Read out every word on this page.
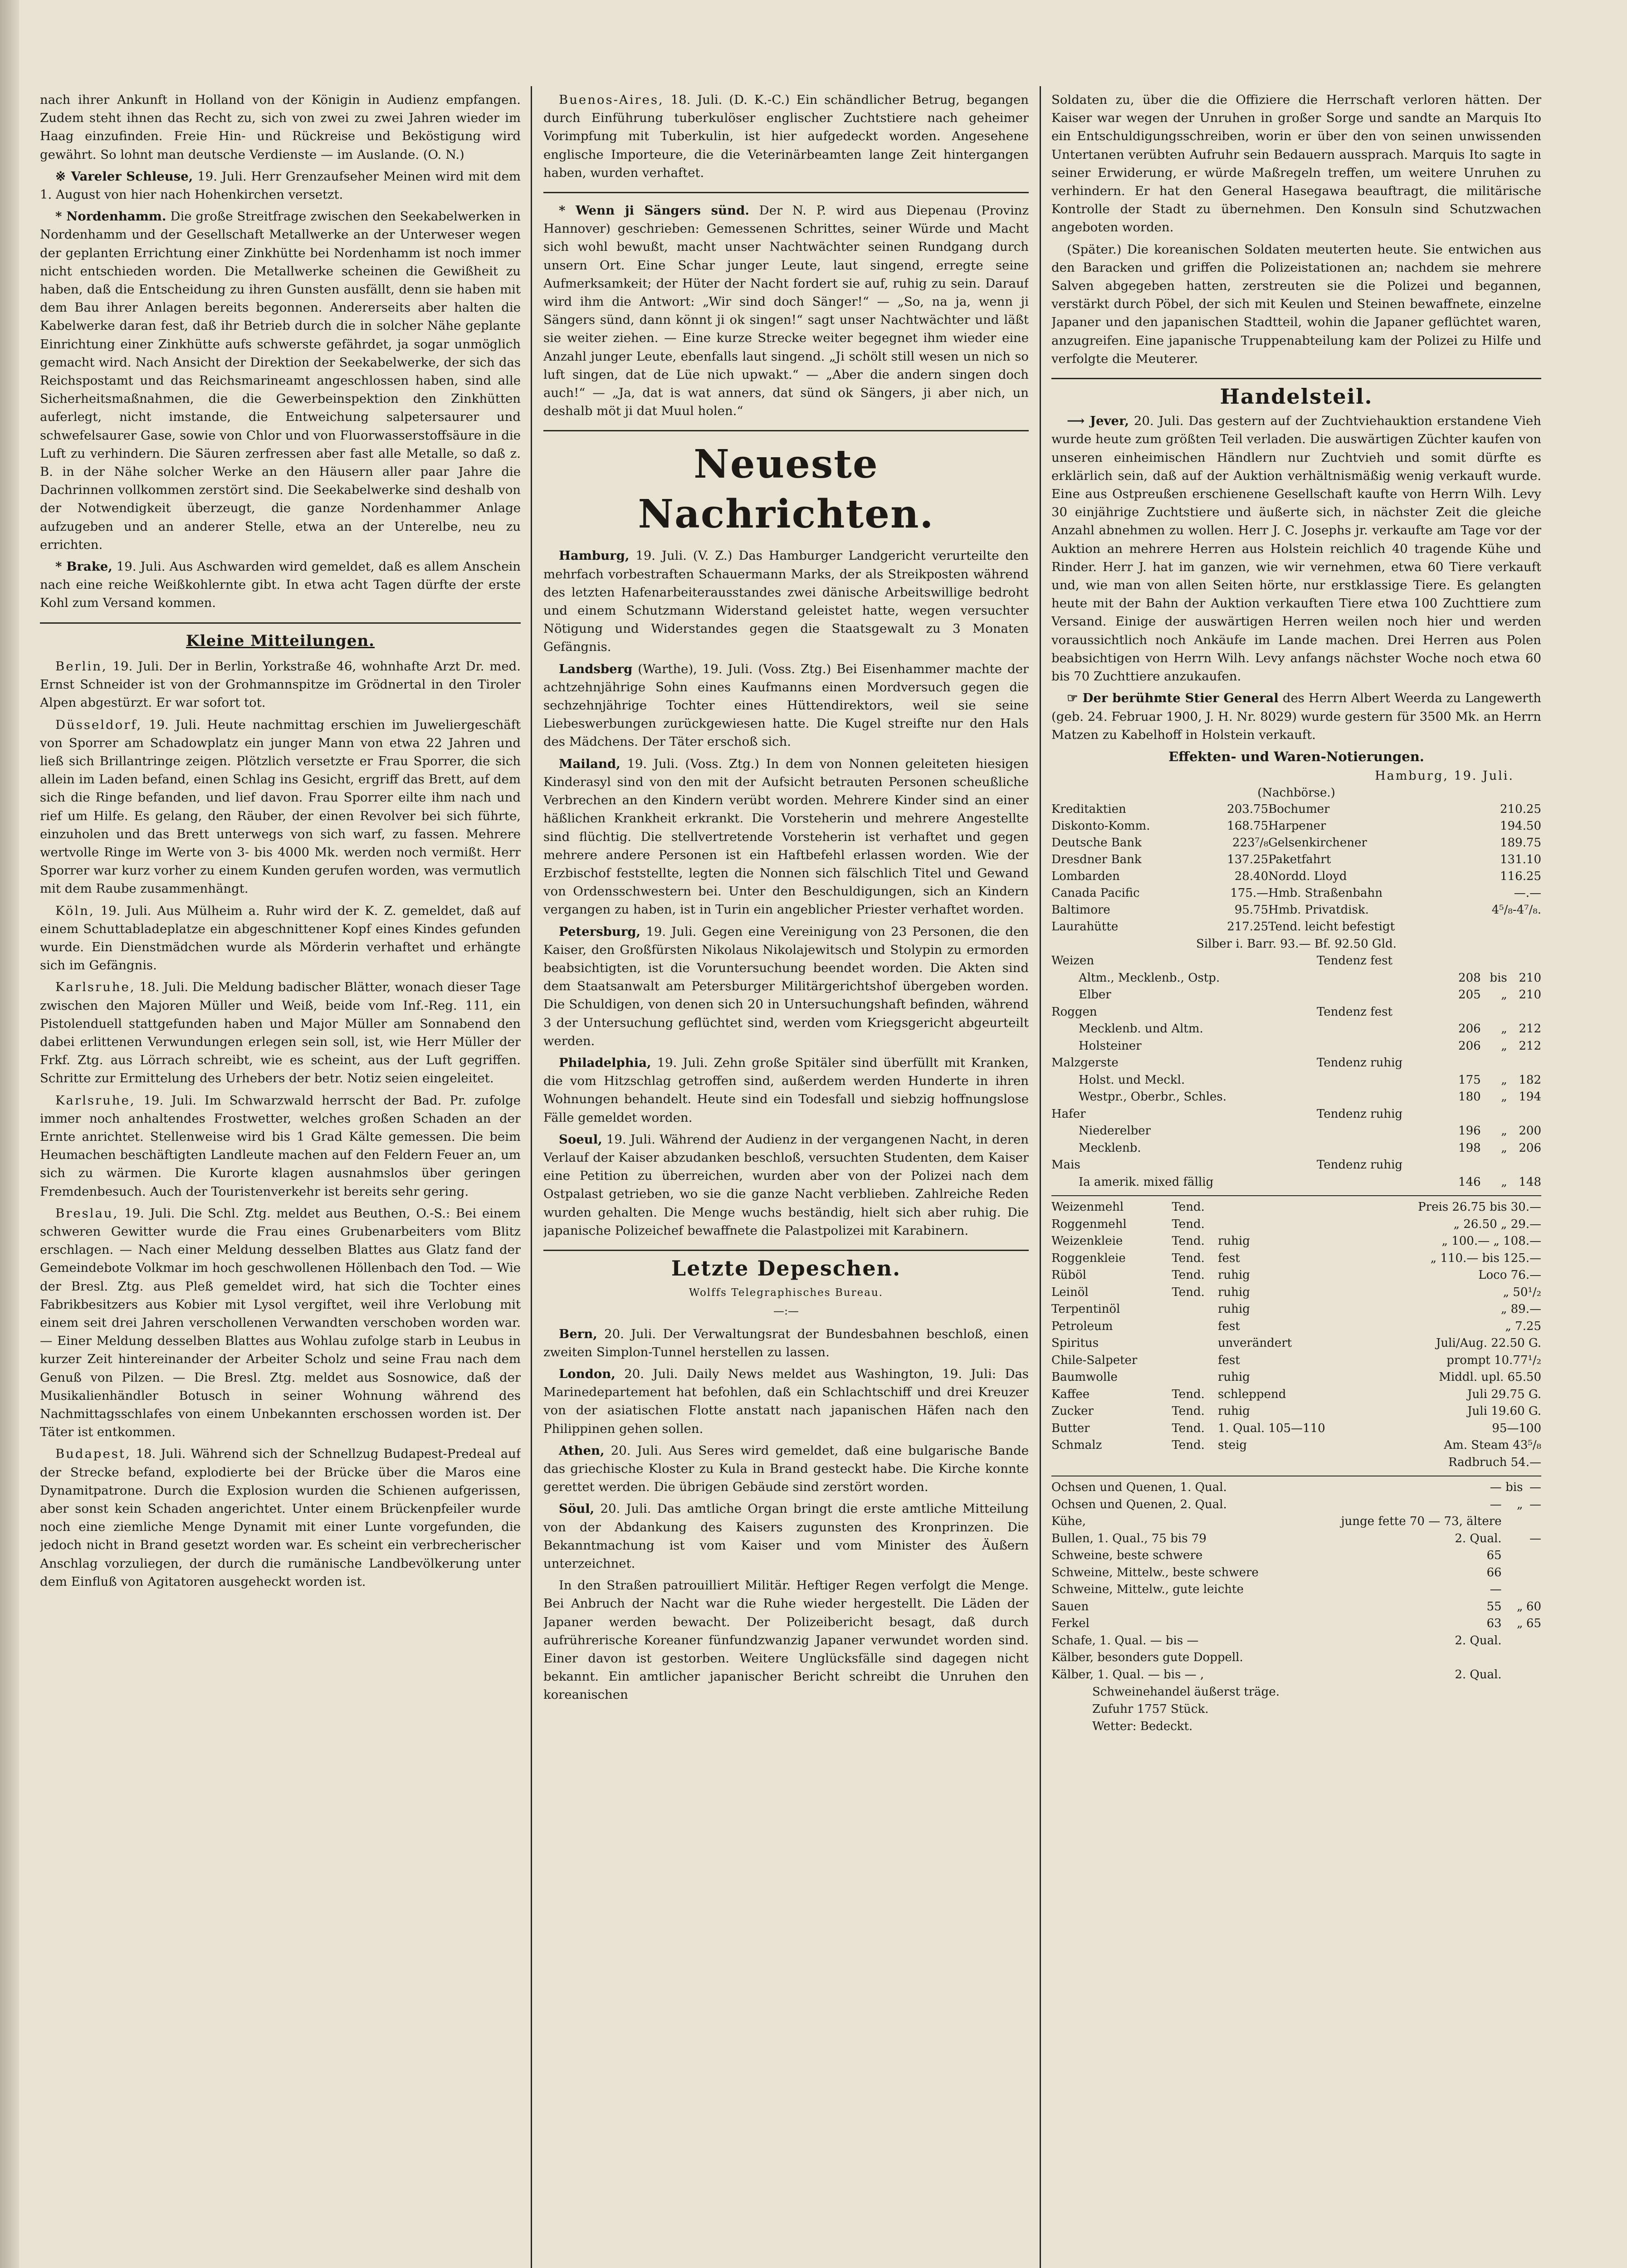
nach ihrer Ankunft in Holland von der Königin in Audienz empfangen. Zudem steht ihnen das Recht zu, sich von zwei zu zwei Jahren wieder im Haag einzufinden. Freie Hin- und Rückreise und Beköstigung wird gewährt. So lohnt man deutsche Verdienste — im Auslande. (O. N.)

※ Vareler Schleuse, 19. Juli. Herr Grenzaufseher Meinen wird mit dem 1. August von hier nach Hohenkirchen versetzt.

* Nordenhamm. Die große Streitfrage zwischen den Seekabelwerken in Nordenhamm und der Gesellschaft Metallwerke an der Unterweser wegen der geplanten Errichtung einer Zinkhütte bei Nordenhamm ist noch immer nicht entschieden worden. Die Metallwerke scheinen die Gewißheit zu haben, daß die Entscheidung zu ihren Gunsten ausfällt, denn sie haben mit dem Bau ihrer Anlagen bereits begonnen. Andererseits aber halten die Kabelwerke daran fest, daß ihr Betrieb durch die in solcher Nähe geplante Einrichtung einer Zinkhütte aufs schwerste gefährdet, ja sogar unmöglich gemacht wird. Nach Ansicht der Direktion der Seekabelwerke, der sich das Reichspostamt und das Reichsmarineamt angeschlossen haben, sind alle Sicherheitsmaßnahmen, die die Gewerbeinspektion den Zinkhütten auferlegt, nicht imstande, die Entweichung salpetersaurer und schwefelsaurer Gase, sowie von Chlor und von Fluorwasserstoffsäure in die Luft zu verhindern. Die Säuren zerfressen aber fast alle Metalle, so daß z. B. in der Nähe solcher Werke an den Häusern aller paar Jahre die Dachrinnen vollkommen zerstört sind. Die Seekabelwerke sind deshalb von der Notwendigkeit überzeugt, die ganze Nordenhammer Anlage aufzugeben und an anderer Stelle, etwa an der Unterelbe, neu zu errichten.

* Brake, 19. Juli. Aus Aschwarden wird gemeldet, daß es allem Anschein nach eine reiche Weißkohlernte gibt. In etwa acht Tagen dürfte der erste Kohl zum Versand kommen.

Kleine Mitteilungen.

Berlin, 19. Juli. Der in Berlin, Yorkstraße 46, wohnhafte Arzt Dr. med. Ernst Schneider ist von der Grohmannspitze im Grödnertal in den Tiroler Alpen abgestürzt. Er war sofort tot.

Düsseldorf, 19. Juli. Heute nachmittag erschien im Juweliergeschäft von Sporrer am Schadowplatz ein junger Mann von etwa 22 Jahren und ließ sich Brillantringe zeigen. Plötzlich versetzte er Frau Sporrer, die sich allein im Laden befand, einen Schlag ins Gesicht, ergriff das Brett, auf dem sich die Ringe befanden, und lief davon. Frau Sporrer eilte ihm nach und rief um Hilfe. Es gelang, den Räuber, der einen Revolver bei sich führte, einzuholen und das Brett unterwegs von sich warf, zu fassen. Mehrere wertvolle Ringe im Werte von 3- bis 4000 Mk. werden noch vermißt. Herr Sporrer war kurz vorher zu einem Kunden gerufen worden, was vermutlich mit dem Raube zusammenhängt.

Köln, 19. Juli. Aus Mülheim a. Ruhr wird der K. Z. gemeldet, daß auf einem Schuttabladeplatze ein abgeschnittener Kopf eines Kindes gefunden wurde. Ein Dienstmädchen wurde als Mörderin verhaftet und erhängte sich im Gefängnis.

Karlsruhe, 18. Juli. Die Meldung badischer Blätter, wonach dieser Tage zwischen den Majoren Müller und Weiß, beide vom Inf.-Reg. 111, ein Pistolenduell stattgefunden haben und Major Müller am Sonnabend den dabei erlittenen Verwundungen erlegen sein soll, ist, wie Herr Müller der Frkf. Ztg. aus Lörrach schreibt, wie es scheint, aus der Luft gegriffen. Schritte zur Ermittelung des Urhebers der betr. Notiz seien eingeleitet.

Karlsruhe, 19. Juli. Im Schwarzwald herrscht der Bad. Pr. zufolge immer noch anhaltendes Frostwetter, welches großen Schaden an der Ernte anrichtet. Stellenweise wird bis 1 Grad Kälte gemessen. Die beim Heumachen beschäftigten Landleute machen auf den Feldern Feuer an, um sich zu wärmen. Die Kurorte klagen ausnahmslos über geringen Fremdenbesuch. Auch der Touristenverkehr ist bereits sehr gering.

Breslau, 19. Juli. Die Schl. Ztg. meldet aus Beuthen, O.-S.: Bei einem schweren Gewitter wurde die Frau eines Grubenarbeiters vom Blitz erschlagen. — Nach einer Meldung desselben Blattes aus Glatz fand der Gemeindebote Volkmar im hoch geschwollenen Höllenbach den Tod. — Wie der Bresl. Ztg. aus Pleß gemeldet wird, hat sich die Tochter eines Fabrikbesitzers aus Kobier mit Lysol vergiftet, weil ihre Verlobung mit einem seit drei Jahren verschollenen Verwandten verschoben worden war. — Einer Meldung desselben Blattes aus Wohlau zufolge starb in Leubus in kurzer Zeit hintereinander der Arbeiter Scholz und seine Frau nach dem Genuß von Pilzen. — Die Bresl. Ztg. meldet aus Sosnowice, daß der Musikalienhändler Botusch in seiner Wohnung während des Nachmittagsschlafes von einem Unbekannten erschossen worden ist. Der Täter ist entkommen.

Budapest, 18. Juli. Während sich der Schnellzug Budapest-Predeal auf der Strecke befand, explodierte bei der Brücke über die Maros eine Dynamitpatrone. Durch die Explosion wurden die Schienen aufgerissen, aber sonst kein Schaden angerichtet. Unter einem Brückenpfeiler wurde noch eine ziemliche Menge Dynamit mit einer Lunte vorgefunden, die jedoch nicht in Brand gesetzt worden war. Es scheint ein verbrecherischer Anschlag vorzuliegen, der durch die rumänische Landbevölkerung unter dem Einfluß von Agitatoren ausgeheckt worden ist.

Buenos-Aires, 18. Juli. (D. K.-C.) Ein schändlicher Betrug, begangen durch Einführung tuberkulöser englischer Zuchtstiere nach geheimer Vorimpfung mit Tuberkulin, ist hier aufgedeckt worden. Angesehene englische Importeure, die die Veterinärbeamten lange Zeit hintergangen haben, wurden verhaftet.

* Wenn ji Sängers sünd. Der N. P. wird aus Diepenau (Provinz Hannover) geschrieben: Gemessenen Schrittes, seiner Würde und Macht sich wohl bewußt, macht unser Nachtwächter seinen Rundgang durch unsern Ort. Eine Schar junger Leute, laut singend, erregte seine Aufmerksamkeit; der Hüter der Nacht fordert sie auf, ruhig zu sein. Darauf wird ihm die Antwort: „Wir sind doch Sänger!“ — „So, na ja, wenn ji Sängers sünd, dann könnt ji ok singen!“ sagt unser Nachtwächter und läßt sie weiter ziehen. — Eine kurze Strecke weiter begegnet ihm wieder eine Anzahl junger Leute, ebenfalls laut singend. „Ji schölt still wesen un nich so luft singen, dat de Lüe nich upwakt.“ — „Aber die andern singen doch auch!“ — „Ja, dat is wat anners, dat sünd ok Sängers, ji aber nich, un deshalb möt ji dat Muul holen.“

Neueste Nachrichten.

Hamburg, 19. Juli. (V. Z.) Das Hamburger Landgericht verurteilte den mehrfach vorbestraften Schauermann Marks, der als Streikposten während des letzten Hafenarbeiterausstandes zwei dänische Arbeitswillige bedroht und einem Schutzmann Widerstand geleistet hatte, wegen versuchter Nötigung und Widerstandes gegen die Staatsgewalt zu 3 Monaten Gefängnis.

Landsberg (Warthe), 19. Juli. (Voss. Ztg.) Bei Eisenhammer machte der achtzehnjährige Sohn eines Kaufmanns einen Mordversuch gegen die sechzehnjährige Tochter eines Hüttendirektors, weil sie seine Liebeswerbungen zurückgewiesen hatte. Die Kugel streifte nur den Hals des Mädchens. Der Täter erschoß sich.

Mailand, 19. Juli. (Voss. Ztg.) In dem von Nonnen geleiteten hiesigen Kinderasyl sind von den mit der Aufsicht betrauten Personen scheußliche Verbrechen an den Kindern verübt worden. Mehrere Kinder sind an einer häßlichen Krankheit erkrankt. Die Vorsteherin und mehrere Angestellte sind flüchtig. Die stellvertretende Vorsteherin ist verhaftet und gegen mehrere andere Personen ist ein Haftbefehl erlassen worden. Wie der Erzbischof feststellte, legten die Nonnen sich fälschlich Titel und Gewand von Ordensschwestern bei. Unter den Beschuldigungen, sich an Kindern vergangen zu haben, ist in Turin ein angeblicher Priester verhaftet worden.

Petersburg, 19. Juli. Gegen eine Vereinigung von 23 Personen, die den Kaiser, den Großfürsten Nikolaus Nikolajewitsch und Stolypin zu ermorden beabsichtigten, ist die Voruntersuchung beendet worden. Die Akten sind dem Staatsanwalt am Petersburger Militärgerichtshof übergeben worden. Die Schuldigen, von denen sich 20 in Untersuchungshaft befinden, während 3 der Untersuchung geflüchtet sind, werden vom Kriegsgericht abgeurteilt werden.

Philadelphia, 19. Juli. Zehn große Spitäler sind überfüllt mit Kranken, die vom Hitzschlag getroffen sind, außerdem werden Hunderte in ihren Wohnungen behandelt. Heute sind ein Todesfall und siebzig hoffnungslose Fälle gemeldet worden.

Soeul, 19. Juli. Während der Audienz in der vergangenen Nacht, in deren Verlauf der Kaiser abzudanken beschloß, versuchten Studenten, dem Kaiser eine Petition zu überreichen, wurden aber von der Polizei nach dem Ostpalast getrieben, wo sie die ganze Nacht verblieben. Zahlreiche Reden wurden gehalten. Die Menge wuchs beständig, hielt sich aber ruhig. Die japanische Polizeichef bewaffnete die Palastpolizei mit Karabinern.

Letzte Depeschen.
Wolffs Telegraphisches Bureau.
—:—

Bern, 20. Juli. Der Verwaltungsrat der Bundesbahnen beschloß, einen zweiten Simplon-Tunnel herstellen zu lassen.

London, 20. Juli. Daily News meldet aus Washington, 19. Juli: Das Marinedepartement hat befohlen, daß ein Schlachtschiff und drei Kreuzer von der asiatischen Flotte anstatt nach japanischen Häfen nach den Philippinen gehen sollen.

Athen, 20. Juli. Aus Seres wird gemeldet, daß eine bulgarische Bande das griechische Kloster zu Kula in Brand gesteckt habe. Die Kirche konnte gerettet werden. Die übrigen Gebäude sind zerstört worden.

Söul, 20. Juli. Das amtliche Organ bringt die erste amtliche Mitteilung von der Abdankung des Kaisers zugunsten des Kronprinzen. Die Bekanntmachung ist vom Kaiser und vom Minister des Äußern unterzeichnet.

In den Straßen patrouilliert Militär. Heftiger Regen verfolgt die Menge. Bei Anbruch der Nacht war die Ruhe wieder hergestellt. Die Läden der Japaner werden bewacht. Der Polizeibericht besagt, daß durch aufrührerische Koreaner fünfundzwanzig Japaner verwundet worden sind. Einer davon ist gestorben. Weitere Unglücksfälle sind dagegen nicht bekannt. Ein amtlicher japanischer Bericht schreibt die Unruhen den koreanischen

Soldaten zu, über die die Offiziere die Herrschaft verloren hätten. Der Kaiser war wegen der Unruhen in großer Sorge und sandte an Marquis Ito ein Entschuldigungsschreiben, worin er über den von seinen unwissenden Untertanen verübten Aufruhr sein Bedauern aussprach. Marquis Ito sagte in seiner Erwiderung, er würde Maßregeln treffen, um weitere Unruhen zu verhindern. Er hat den General Hasegawa beauftragt, die militärische Kontrolle der Stadt zu übernehmen. Den Konsuln sind Schutzwachen angeboten worden.

(Später.) Die koreanischen Soldaten meuterten heute. Sie entwichen aus den Baracken und griffen die Polizeistationen an; nachdem sie mehrere Salven abgegeben hatten, zerstreuten sie die Polizei und begannen, verstärkt durch Pöbel, der sich mit Keulen und Steinen bewaffnete, einzelne Japaner und den japanischen Stadtteil, wohin die Japaner geflüchtet waren, anzugreifen. Eine japanische Truppenabteilung kam der Polizei zu Hilfe und verfolgte die Meuterer.

Handelsteil.

⟶ Jever, 20. Juli. Das gestern auf der Zuchtviehauktion erstandene Vieh wurde heute zum größten Teil verladen. Die auswärtigen Züchter kaufen von unseren einheimischen Händlern nur Zuchtvieh und somit dürfte es erklärlich sein, daß auf der Auktion verhältnismäßig wenig verkauft wurde. Eine aus Ostpreußen erschienene Gesellschaft kaufte von Herrn Wilh. Levy 30 einjährige Zuchtstiere und äußerte sich, in nächster Zeit die gleiche Anzahl abnehmen zu wollen. Herr J. C. Josephs jr. verkaufte am Tage vor der Auktion an mehrere Herren aus Holstein reichlich 40 tragende Kühe und Rinder. Herr J. hat im ganzen, wie wir vernehmen, etwa 60 Tiere verkauft und, wie man von allen Seiten hörte, nur erstklassige Tiere. Es gelangten heute mit der Bahn der Auktion verkauften Tiere etwa 100 Zuchttiere zum Versand. Einige der auswärtigen Herren weilen noch hier und werden voraussichtlich noch Ankäufe im Lande machen. Drei Herren aus Polen beabsichtigen von Herrn Wilh. Levy anfangs nächster Woche noch etwa 60 bis 70 Zuchttiere anzukaufen.

☞ Der berühmte Stier General des Herrn Albert Weerda zu Langewerth (geb. 24. Februar 1900, J. H. Nr. 8029) wurde gestern für 3500 Mk. an Herrn Matzen zu Kabelhoff in Holstein verkauft.

Effekten- und Waren-Notierungen.
Hamburg, 19. Juli.
(Nachbörse.)
Kreditaktien	203.75	Bochumer	210.25
Diskonto-Komm.	168.75	Harpener	194.50
Deutsche Bank	223⁷/₈	Gelsenkirchener	189.75
Dresdner Bank	137.25	Paketfahrt	131.10
Lombarden	28.40	Nordd. Lloyd	116.25
Canada Pacific	175.—	Hmb. Straßenbahn	—.—
Baltimore	95.75	Hmb. Privatdisk.	4⁵/₈-4⁷/₈.
Laurahütte	217.25	Tend. leicht befestigt	
Silber i. Barr. 93.— Bf. 92.50 Gld.
Weizen	Tendenz fest			
Altm., Mecklenb., Ostp.		208	bis	210
Elber		205	„	210
Roggen	Tendenz fest			
Mecklenb. und Altm.		206	„	212
Holsteiner		206	„	212
Malzgerste	Tendenz ruhig			
Holst. und Meckl.		175	„	182
Westpr., Oberbr., Schles.		180	„	194
Hafer	Tendenz ruhig			
Niederelber		196	„	200
Mecklenb.		198	„	206
Mais	Tendenz ruhig			
Ia amerik. mixed fällig		146	„	148
Weizenmehl	Tend.		Preis 26.75 bis 30.—
Roggenmehl	Tend.		„ 26.50 „ 29.—
Weizenkleie	Tend.	ruhig	„ 100.— „ 108.—
Roggenkleie	Tend.	fest	„ 110.— bis 125.—
Rüböl	Tend.	ruhig	Loco 76.—
Leinöl	Tend.	ruhig	„ 50¹/₂
Terpentinöl		ruhig	„ 89.—
Petroleum		fest	„ 7.25
Spiritus		unverändert	Juli/Aug. 22.50 G.
Chile-Salpeter		fest	prompt 10.77¹/₂
Baumwolle		ruhig	Middl. upl. 65.50
Kaffee	Tend.	schleppend	Juli 29.75 G.
Zucker	Tend.	ruhig	Juli 19.60 G.
Butter	Tend.	1. Qual. 105—110	95—100
Schmalz	Tend.	steig	Am. Steam 43⁵/₈
			Radbruch 54.—
Ochsen und Quenen, 1. Qual.	—	bis	—
Ochsen und Quenen, 2. Qual.	—	„	—
Kühe,	junge fette 70 — 73, ältere		
Bullen, 1. Qual., 75 bis 79	2. Qual.		—
Schweine, beste schwere	65		
Schweine, Mittelw., beste schwere	66		
Schweine, Mittelw., gute leichte	—		
Sauen	55	„	60
Ferkel	63	„	65
Schafe, 1. Qual. — bis —	2. Qual.		
Kälber, besonders gute Doppell.			
Kälber, 1. Qual. — bis — ,	2. Qual.		
Schweinehandel äußerst träge.
Zufuhr 1757 Stück.
Wetter: Bedeckt.
